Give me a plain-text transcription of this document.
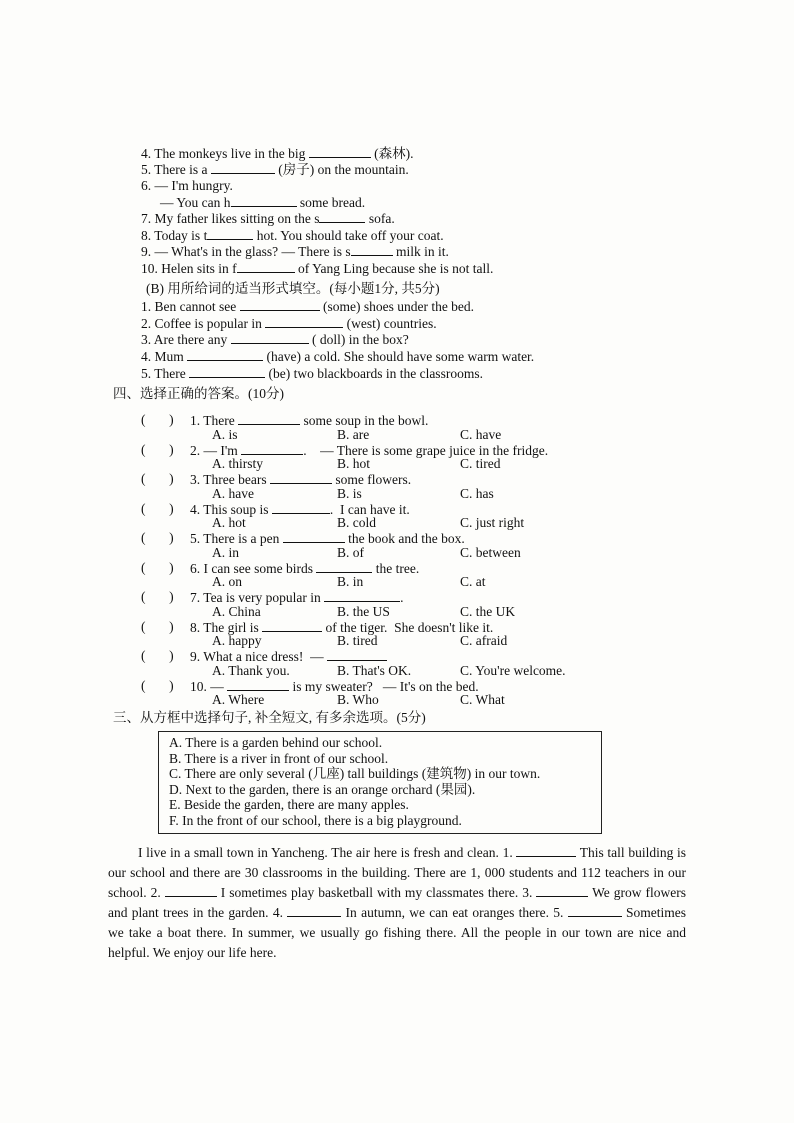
4. The monkeys live in the big	(森林).
5. There is a	(房子) on the mountain.
6. — I'm hungry.
— You can h	some bread.
7. My father likes sitting on the s	sofa.
8. Today is t	hot. You should take off your coat.
9. — What's in the glass? — There is s	milk in it.
10. Helen sits in f	of Yang Ling because she is not tall.
(B) 用所给词的适当形式填空。(每小题1分, 共5分)
1. Ben cannot see	(some) shoes under the bed.
2. Coffee is popular in	(west) countries.
3. Are there any	( doll) in the box?
4. Mum	(have) a cold. She should have some warm water.
5. There	(be) two blackboards in the classrooms.
四、选择正确的答案。(10分)
(       ) 1. There	some soup in the bowl.
A. is	B. are	C. have
(       ) 2. — I'm	.    — There is some grape juice in the fridge.
A. thirsty	B. hot	C. tired
(       ) 3. Three bears	some flowers.
A. have	B. is	C. has
(       ) 4. This soup is	.  I can have it.
A. hot	B. cold	C. just right
(       ) 5. There is a pen	the book and the box.
A. in	B. of	C. between
(       ) 6. I can see some birds	the tree.
A. on	B. in	C. at
(       ) 7. Tea is very popular in	.
A. China	B. the US	C. the UK
(       ) 8. The girl is	of the tiger.  She doesn't like it.
A. happy	B. tired	C. afraid
(       ) 9. What a nice dress!  —
A. Thank you.	B. That's OK.	C. You're welcome.
(       ) 10. —	is my sweater?   — It's on the bed.
A. Where	B. Who	C. What
三、从方框中选择句子, 补全短文, 有多余选项。(5分)
A. There is a garden behind our school.
B. There is a river in front of our school.
C. There are only several (几座) tall buildings (建筑物) in our town.
D. Next to the garden, there is an orange orchard (果园).
E. Beside the garden, there are many apples.
F. In the front of our school, there is a big playground.
I live in a small town in Yancheng. The air here is fresh and clean. 1.	This tall building is our school and there are 30 classrooms in the building. There are 1, 000 students and 112 teachers in our school. 2.	I sometimes play basketball with my classmates there. 3.	We grow flowers and plant trees in the garden. 4.	In autumn, we can eat oranges there. 5.	Sometimes we take a boat there. In summer, we usually go fishing there. All the people in our town are nice and helpful. We enjoy our life here.
